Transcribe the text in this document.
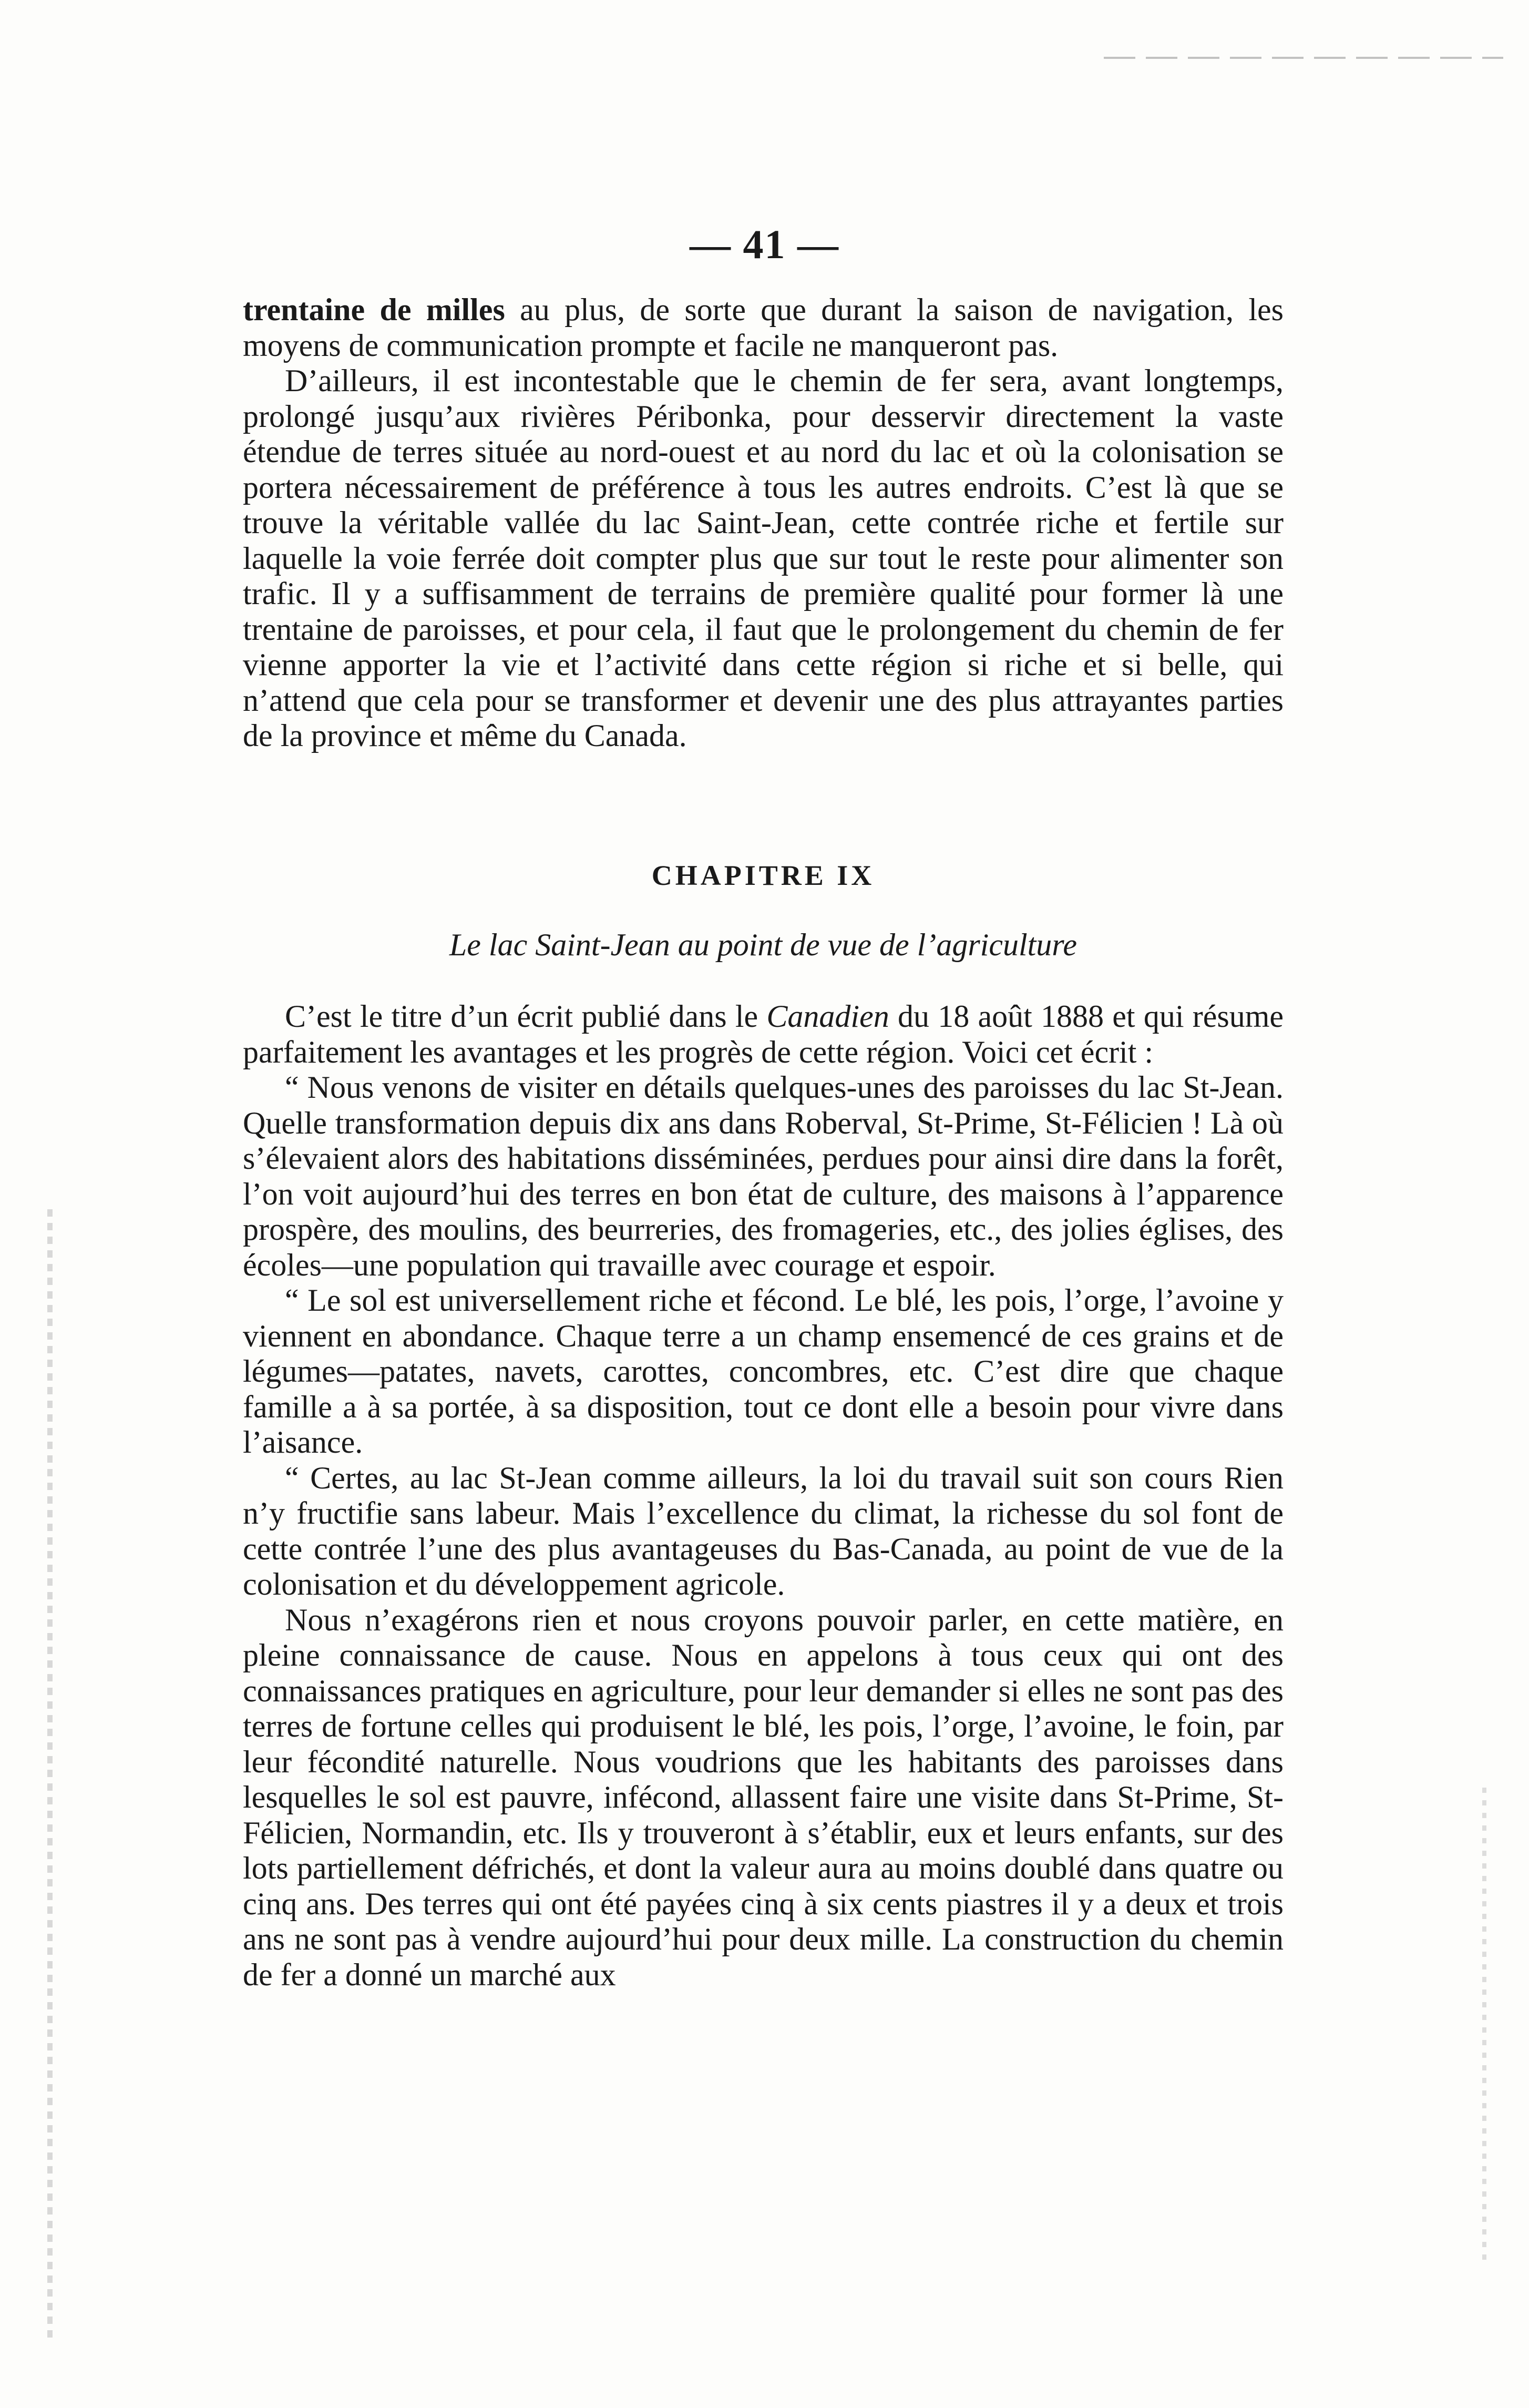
— 41 —

trentaine de milles au plus, de sorte que durant la saison de navigation, les moyens de communication prompte et facile ne manqueront pas.

D’ailleurs, il est incontestable que le chemin de fer sera, avant longtemps, prolongé jusqu’aux rivières Péribonka, pour desservir directement la vaste étendue de terres située au nord-ouest et au nord du lac et où la colonisation se portera nécessairement de préférence à tous les autres endroits. C’est là que se trouve la véritable vallée du lac Saint-Jean, cette contrée riche et fertile sur laquelle la voie ferrée doit compter plus que sur tout le reste pour alimenter son trafic. Il y a suffisamment de terrains de première qualité pour former là une trentaine de paroisses, et pour cela, il faut que le prolongement du chemin de fer vienne apporter la vie et l’activité dans cette région si riche et si belle, qui n’attend que cela pour se transformer et devenir une des plus attrayantes parties de la province et même du Canada.

CHAPITRE IX

Le lac Saint-Jean au point de vue de l’agriculture

C’est le titre d’un écrit publié dans le Canadien du 18 août 1888 et qui résume parfaitement les avantages et les progrès de cette région. Voici cet écrit :

“ Nous venons de visiter en détails quelques-unes des paroisses du lac St-Jean. Quelle transformation depuis dix ans dans Roberval, St-Prime, St-Félicien ! Là où s’élevaient alors des habitations disséminées, perdues pour ainsi dire dans la forêt, l’on voit aujourd’hui des terres en bon état de culture, des maisons à l’apparence prospère, des moulins, des beurreries, des fromageries, etc., des jolies églises, des écoles—une population qui travaille avec courage et espoir.

“ Le sol est universellement riche et fécond. Le blé, les pois, l’orge, l’avoine y viennent en abondance. Chaque terre a un champ ensemencé de ces grains et de légumes—patates, navets, carottes, concombres, etc. C’est dire que chaque famille a à sa portée, à sa disposition, tout ce dont elle a besoin pour vivre dans l’aisance.

“ Certes, au lac St-Jean comme ailleurs, la loi du travail suit son cours Rien n’y fructifie sans labeur. Mais l’excellence du climat, la richesse du sol font de cette contrée l’une des plus avantageuses du Bas-Canada, au point de vue de la colonisation et du développement agricole.

Nous n’exagérons rien et nous croyons pouvoir parler, en cette matière, en pleine connaissance de cause. Nous en appelons à tous ceux qui ont des connaissances pratiques en agriculture, pour leur demander si elles ne sont pas des terres de fortune celles qui produisent le blé, les pois, l’orge, l’avoine, le foin, par leur fécondité naturelle. Nous voudrions que les habitants des paroisses dans lesquelles le sol est pauvre, infécond, allassent faire une visite dans St-Prime, St-Félicien, Normandin, etc. Ils y trouveront à s’établir, eux et leurs enfants, sur des lots partiellement défrichés, et dont la valeur aura au moins doublé dans quatre ou cinq ans. Des terres qui ont été payées cinq à six cents piastres il y a deux et trois ans ne sont pas à vendre aujourd’hui pour deux mille. La construction du chemin de fer a donné un marché aux
